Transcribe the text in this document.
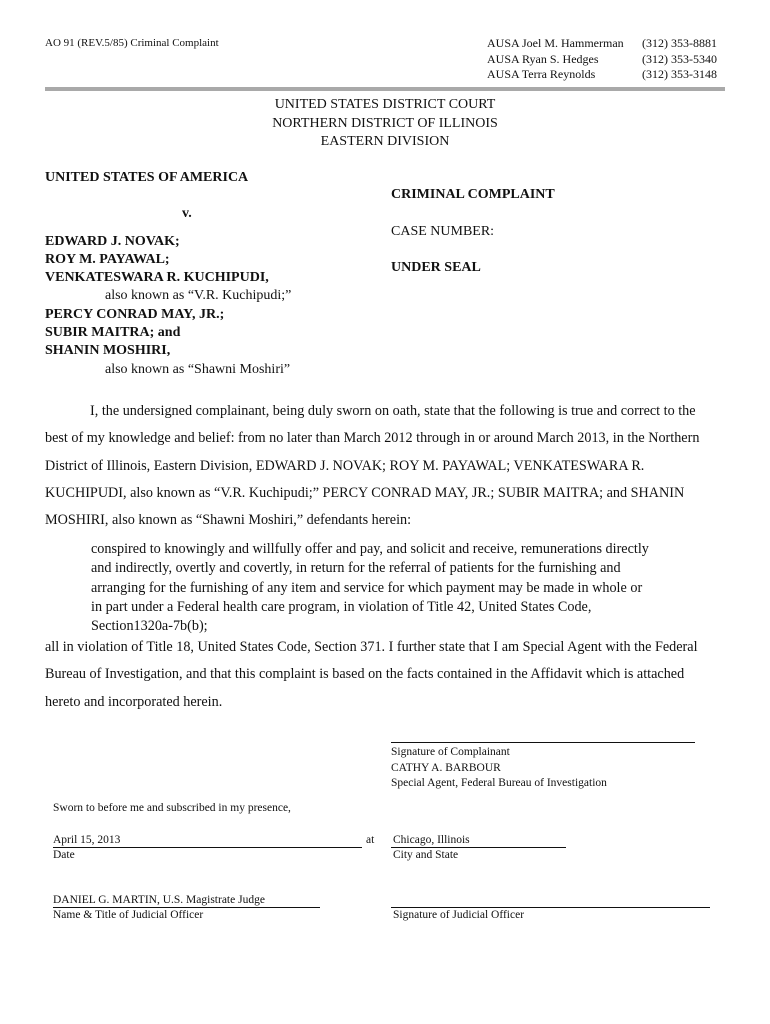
AO 91 (REV.5/85) Criminal Complaint	AUSA Joel M. Hammerman	(312) 353-8881
AUSA Ryan S. Hedges	(312) 353-5340
AUSA Terra Reynolds	(312) 353-3148
UNITED STATES DISTRICT COURT
NORTHERN DISTRICT OF ILLINOIS
EASTERN DIVISION
UNITED STATES OF AMERICA
v.
EDWARD J. NOVAK;
ROY M. PAYAWAL;
VENKATESWARA R. KUCHIPUDI,
also known as “V.R. Kuchipudi;”
PERCY CONRAD MAY, JR.;
SUBIR MAITRA; and
SHANIN MOSHIRI,
also known as “Shawni Moshiri”
CRIMINAL COMPLAINT
CASE NUMBER:
UNDER SEAL
I, the undersigned complainant, being duly sworn on oath, state that the following is true and correct to the
best of my knowledge and belief: from no later than March 2012 through in or around March 2013, in the Northern
District of Illinois, Eastern Division, EDWARD J. NOVAK; ROY M. PAYAWAL; VENKATESWARA R.
KUCHIPUDI, also known as “V.R. Kuchipudi;” PERCY CONRAD MAY, JR.; SUBIR MAITRA; and SHANIN
MOSHIRI, also known as “Shawni Moshiri,” defendants herein:
conspired to knowingly and willfully offer and pay, and solicit and receive, remunerations directly
and indirectly, overtly and covertly, in return for the referral of patients for the furnishing and
arranging for the furnishing of any item and service for which payment may be made in whole or
in part under a Federal health care program, in violation of Title 42, United States Code,
Section1320a-7b(b);
all in violation of Title 18, United States Code, Section 371. I further state that I am Special Agent with the Federal
Bureau of Investigation, and that this complaint is based on the facts contained in the Affidavit which is attached
hereto and incorporated herein.
Signature of Complainant
CATHY A. BARBOUR
Special Agent, Federal Bureau of Investigation
Sworn to before me and subscribed in my presence,
April 15, 2013	at Chicago, Illinois
Date	City and State
DANIEL G. MARTIN, U.S. Magistrate Judge
Name & Title of Judicial Officer	Signature of Judicial Officer
